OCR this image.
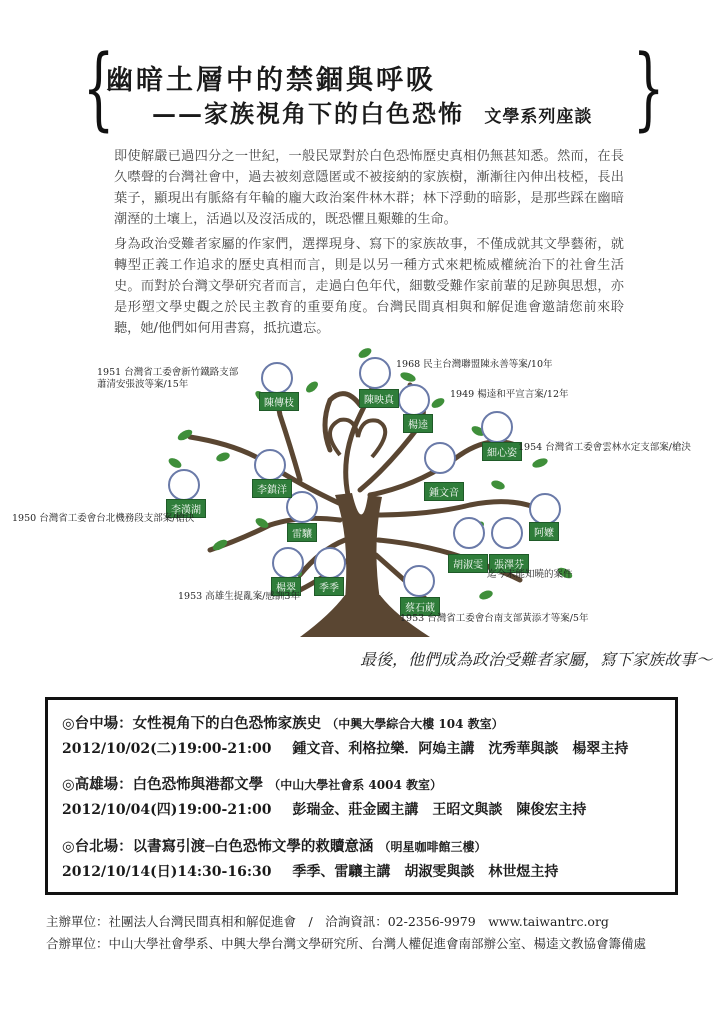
{	}
幽暗土層中的禁錮與呼吸
——家族視角下的白色恐怖 文學系列座談

即使解嚴已過四分之一世紀，一般民眾對於白色恐怖歷史真相仍無甚知悉。然而，在長久噤聲的台灣社會中，過去被刻意隱匿或不被接納的家族樹，漸漸往內伸出枝椏，長出葉子，顯現出有脈絡有年輪的龐大政治案件林木群；林下浮動的暗影，是那些踩在幽暗潮溼的土壤上，活過以及沒活成的，既恐懼且艱難的生命。

身為政治受難者家屬的作家們，選擇現身、寫下的家族故事，不僅成就其文學藝術，就轉型正義工作追求的歷史真相而言，則是以另一種方式來耙梳威權統治下的社會生活史。而對於台灣文學研究者而言，走過白色年代，細數受難作家前輩的足跡與思想，亦是形塑文學史觀之於民主教育的重要角度。台灣民間真相與和解促進會邀請您前來聆聽，她/他們如何用書寫，抵抗遺忘。

陳傳枝	陳映真
楊逵
細心姿
李鎮洋	鍾文音
李漢湖
雷驤	阿嬤
胡淑雯	張澤芬
楊翠	季季
蔡石葳
1951 台灣省工委會新竹鐵路支部
蕭清安張波等案/15年
1968 民主台灣聯盟陳永善等案/10年
1949 楊逵和平宣言案/12年
1954 台灣省工委會雲林水定支部案/槍決
1950 台灣省工委會台北機務段支部案/槍決
迄今未能知曉的案件
1953 高雄生捉亂案/感訓3年
1953 台灣省工委會台南支部黃添才等案/5年
最後，他們成為政治受難者家屬，寫下家族故事～
◎台中場：女性視角下的白色恐怖家族史 （中興大學綜合大樓 104 教室）
2012/10/02(二)19:00-21:00 鍾文音、利格拉樂．阿𡠄主講　沈秀華與談　楊翠主持
◎高雄場：白色恐怖與港都文學 （中山大學社會系 4004 教室）
2012/10/04(四)19:00-21:00 彭瑞金、莊金國主講　王昭文與談　陳俊宏主持
◎台北場：以書寫引渡─白色恐怖文學的救贖意涵 （明星咖啡館三樓）
2012/10/14(日)14:30-16:30 季季、雷驤主講　胡淑雯與談　林世煜主持
主辦單位：社團法人台灣民間真相和解促進會　/　洽詢資訊：02-2356-9979　www.taiwantrc.org
合辦單位：中山大學社會學系、中興大學台灣文學研究所、台灣人權促進會南部辦公室、楊逵文教協會籌備處
